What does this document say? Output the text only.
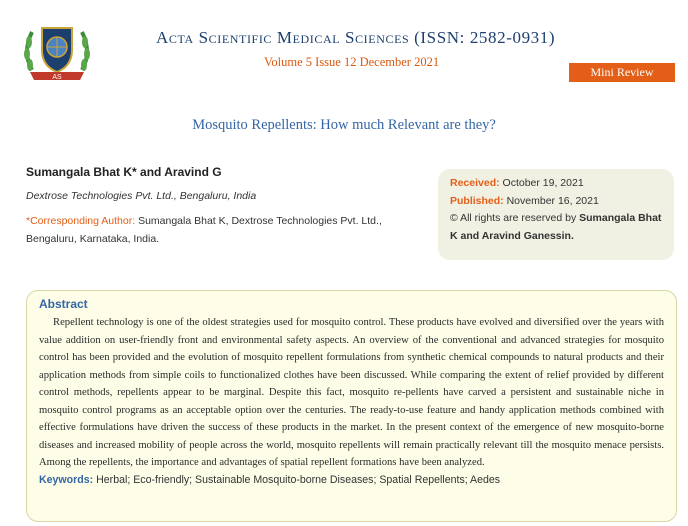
AS
Acta Scientific Medical Sciences (ISSN: 2582-0931)
Volume 5 Issue 12 December 2021
Mini Review
Mosquito Repellents: How much Relevant are they?
Sumangala Bhat K* and Aravind G
Dextrose Technologies Pvt. Ltd., Bengaluru, India
*Corresponding Author: Sumangala Bhat K, Dextrose Technologies Pvt. Ltd., Bengaluru, Karnataka, India.
Received: October 19, 2021
Published: November 16, 2021
© All rights are reserved by Sumangala Bhat K and Aravind Ganessin.
Abstract
Repellent technology is one of the oldest strategies used for mosquito control. These products have evolved and diversified over the years with value addition on user-friendly front and environmental safety aspects. An overview of the conventional and advanced strategies for mosquito control has been provided and the evolution of mosquito repellent formulations from synthetic chemical compounds to natural products and their application methods from simple coils to functionalized clothes have been discussed. While comparing the extent of relief provided by different control methods, repellents appear to be marginal. Despite this fact, mosquito re-pellents have carved a persistent and sustainable niche in mosquito control programs as an acceptable option over the centuries. The ready-to-use feature and handy application methods combined with effective formulations have driven the success of these products in the market. In the present context of the emergence of new mosquito-borne diseases and increased mobility of people across the world, mosquito repellents will remain practically relevant till the mosquito menace persists. Among the repellents, the importance and advantages of spatial repellent formations have been analyzed.
Keywords: Herbal; Eco-friendly; Sustainable Mosquito-borne Diseases; Spatial Repellents; Aedes
